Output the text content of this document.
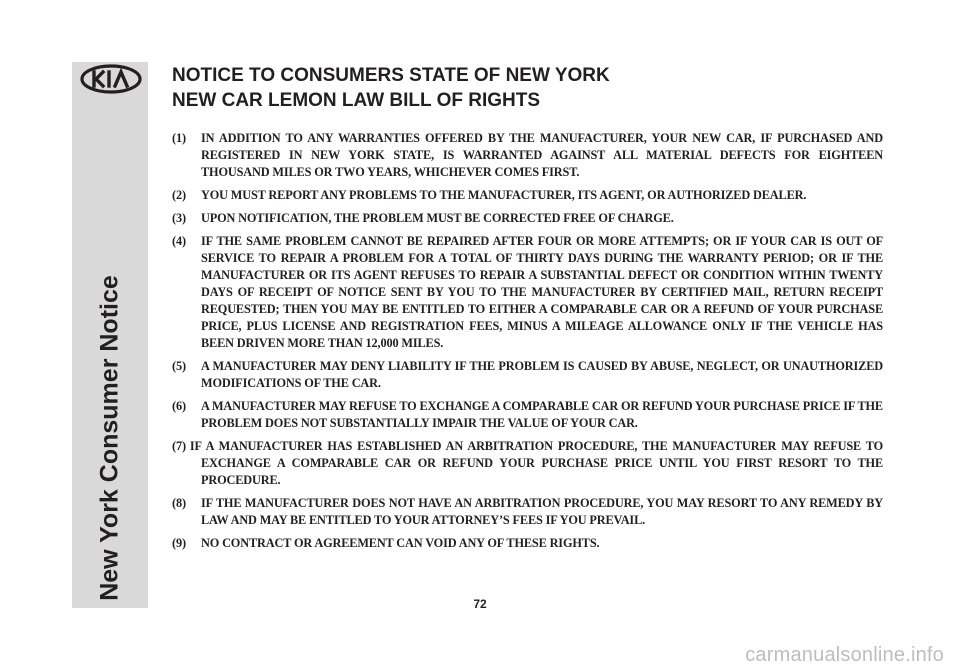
New York Consumer Notice
NOTICE TO CONSUMERS STATE OF NEW YORK
NEW CAR LEMON LAW BILL OF RIGHTS
(1) IN ADDITION TO ANY WARRANTIES OFFERED BY THE MANUFACTURER, YOUR NEW CAR, IF PURCHASED AND REGISTERED IN NEW YORK STATE, IS WARRANTED AGAINST ALL MATERIAL DEFECTS FOR EIGHTEEN THOUSAND MILES OR TWO YEARS, WHICHEVER COMES FIRST.
(2) YOU MUST REPORT ANY PROBLEMS TO THE MANUFACTURER, ITS AGENT, OR AUTHORIZED DEALER.
(3) UPON NOTIFICATION, THE PROBLEM MUST BE CORRECTED FREE OF CHARGE.
(4) IF THE SAME PROBLEM CANNOT BE REPAIRED AFTER FOUR OR MORE ATTEMPTS; OR IF YOUR CAR IS OUT OF SERVICE TO REPAIR A PROBLEM FOR A TOTAL OF THIRTY DAYS DURING THE WARRANTY PERIOD; OR IF THE MANUFACTURER OR ITS AGENT REFUSES TO REPAIR A SUBSTANTIAL DEFECT OR CONDITION WITHIN TWENTY DAYS OF RECEIPT OF NOTICE SENT BY YOU TO THE MANUFACTURER BY CERTIFIED MAIL, RETURN RECEIPT REQUESTED; THEN YOU MAY BE ENTITLED TO EITHER A COMPARABLE CAR OR A REFUND OF YOUR PURCHASE PRICE, PLUS LICENSE AND REGISTRATION FEES, MINUS A MILEAGE ALLOWANCE ONLY IF THE VEHICLE HAS BEEN DRIVEN MORE THAN 12,000 MILES.
(5) A MANUFACTURER MAY DENY LIABILITY IF THE PROBLEM IS CAUSED BY ABUSE, NEGLECT, OR UNAUTHORIZED MODIFICATIONS OF THE CAR.
(6) A MANUFACTURER MAY REFUSE TO EXCHANGE A COMPARABLE CAR OR REFUND YOUR PURCHASE PRICE IF THE PROBLEM DOES NOT SUBSTANTIALLY IMPAIR THE VALUE OF YOUR CAR.
(7) IF A MANUFACTURER HAS ESTABLISHED AN ARBITRATION PROCEDURE, THE MANUFACTURER MAY REFUSE TO EXCHANGE A COMPARABLE CAR OR REFUND YOUR PURCHASE PRICE UNTIL YOU FIRST RESORT TO THE PROCEDURE.
(8) IF THE MANUFACTURER DOES NOT HAVE AN ARBITRATION PROCEDURE, YOU MAY RESORT TO ANY REMEDY BY LAW AND MAY BE ENTITLED TO YOUR ATTORNEY’S FEES IF YOU PREVAIL.
(9) NO CONTRACT OR AGREEMENT CAN VOID ANY OF THESE RIGHTS.
72
carmanualsonline.info
